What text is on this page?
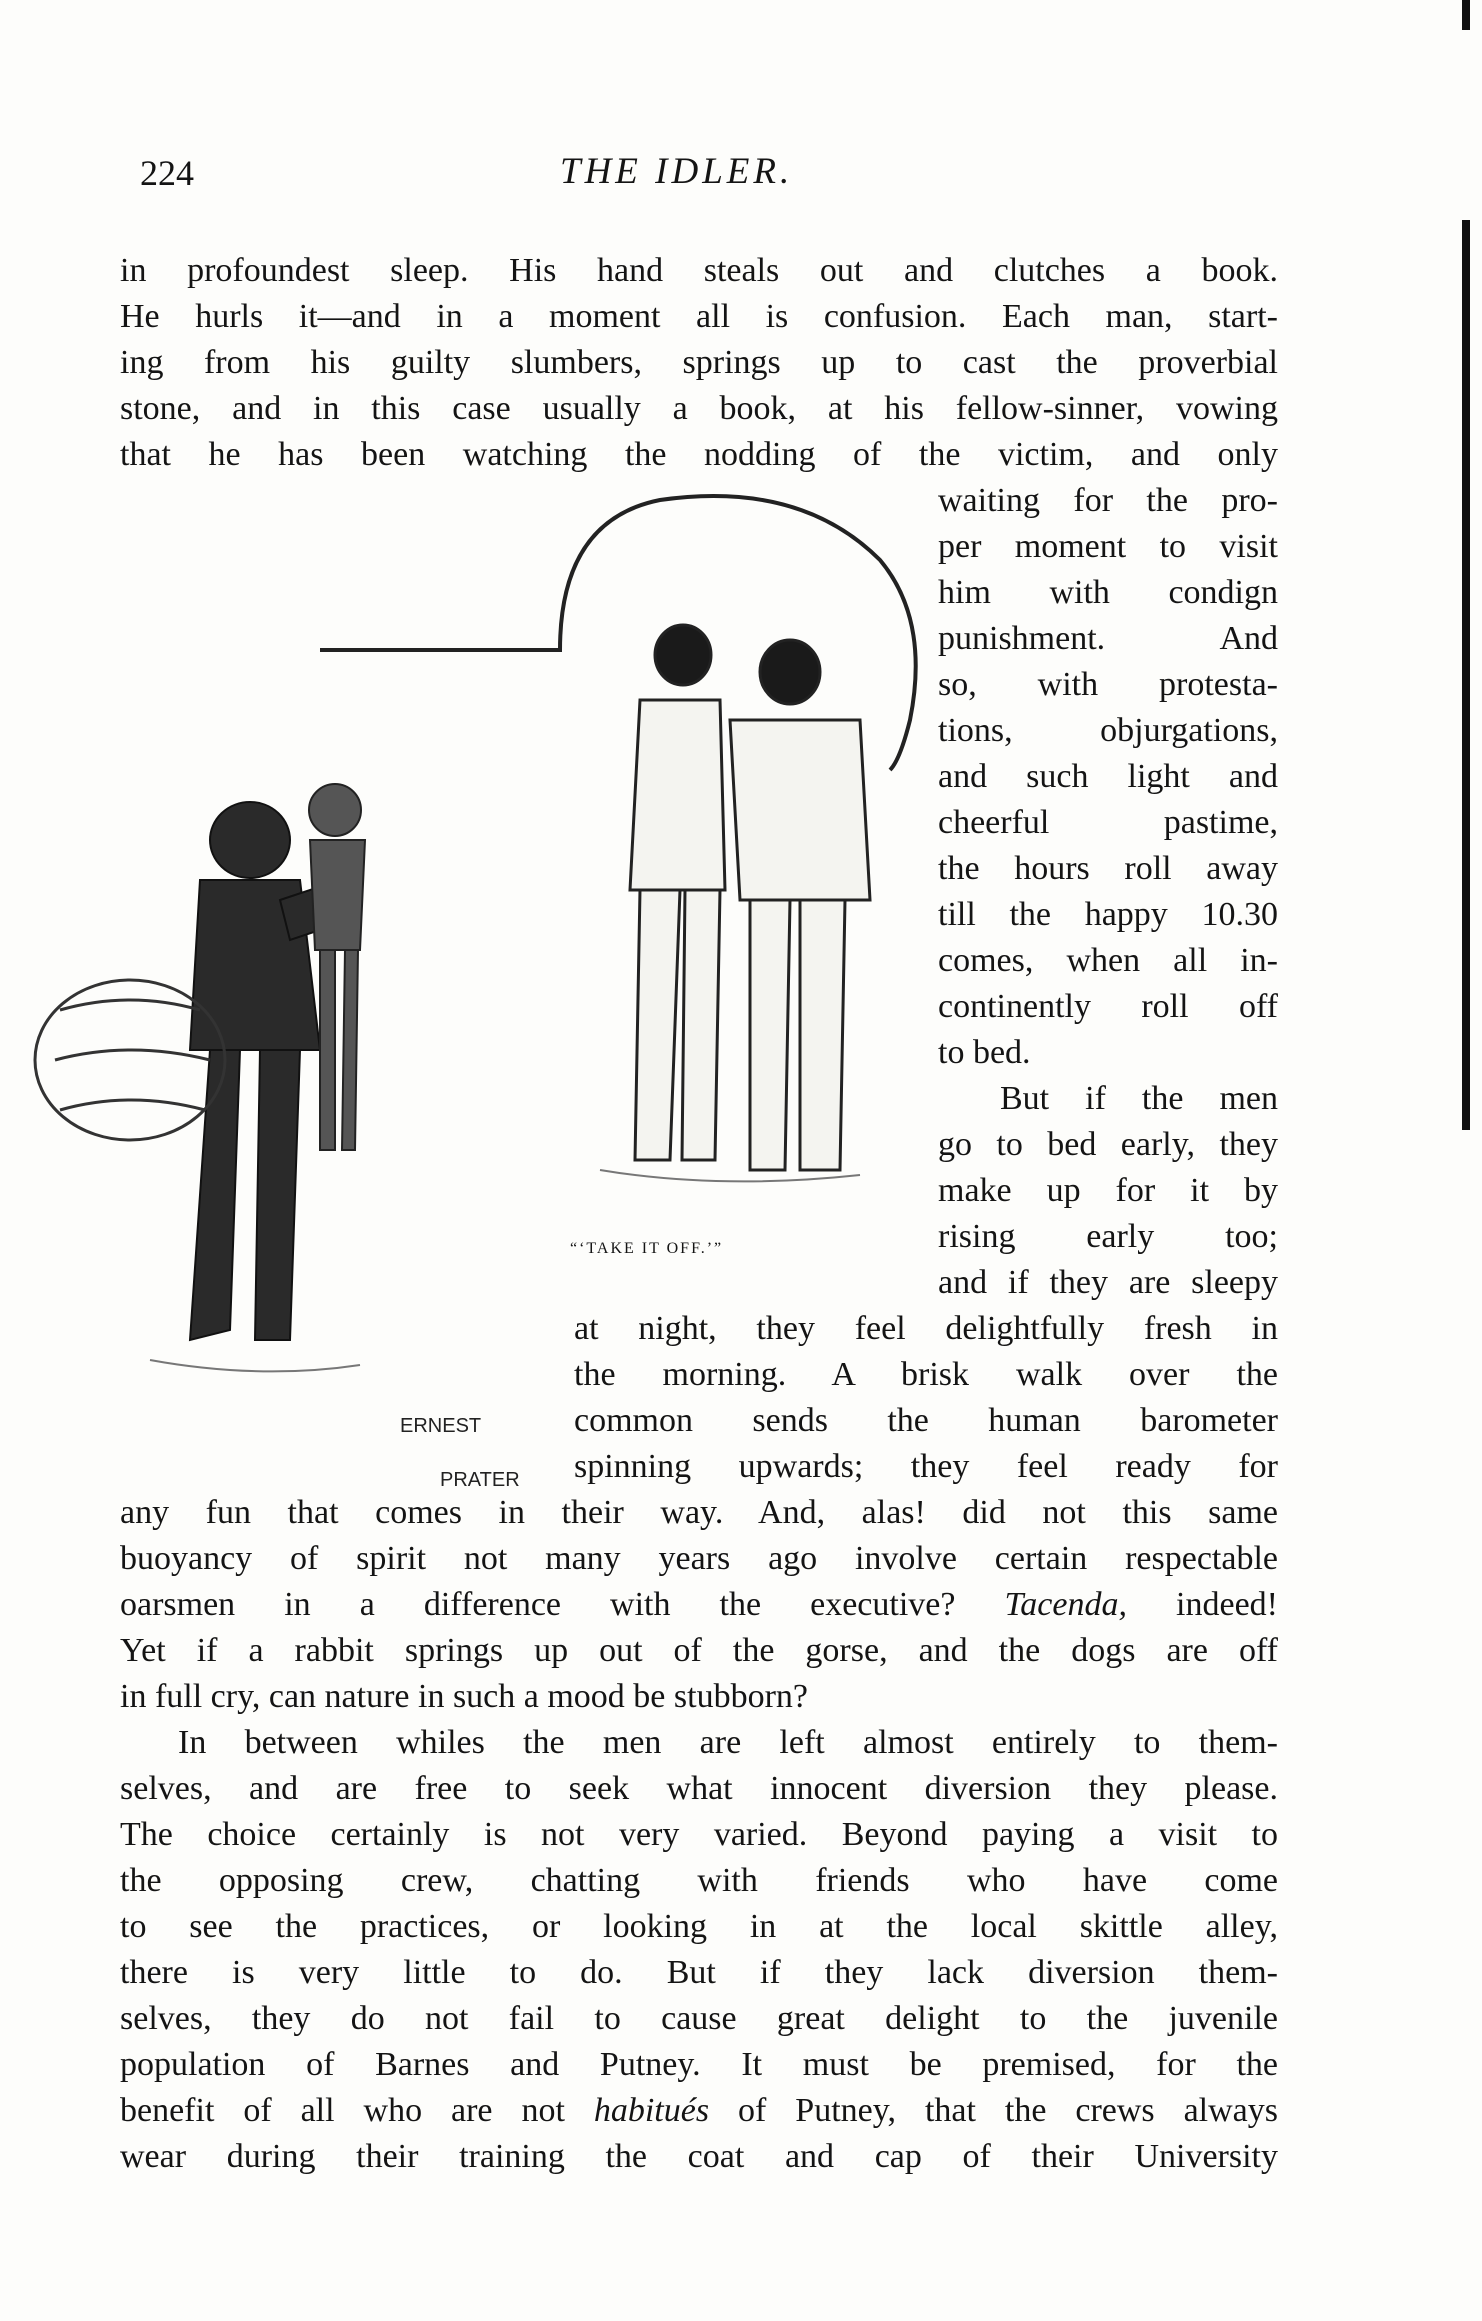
224	THE IDLER.
in profoundest sleep. His hand steals out and clutches a book.
He hurls it—and in a moment all is confusion. Each man, start-
ing from his guilty slumbers, springs up to cast the proverbial
stone, and in this case usually a book, at his fellow-sinner, vowing
that he has been watching the nodding of the victim, and only
waiting for the pro-
per moment to visit
him with condign
punishment. And
so, with protesta-
tions, objurgations,
and such light and
cheerful pastime,
the hours roll away
till the happy 10.30
comes, when all in-
continently roll off
to bed.
But if the men
go to bed early, they
make up for it by
rising early too;
and if they are sleepy
at night, they feel delightfully fresh in
the morning. A brisk walk over the
common sends the human barometer
spinning upwards; they feel ready for
any fun that comes in their way. And, alas! did not this same
buoyancy of spirit not many years ago involve certain respectable
oarsmen in a difference with the executive? Tacenda, indeed!
Yet if a rabbit springs up out of the gorse, and the dogs are off
in full cry, can nature in such a mood be stubborn?
In between whiles the men are left almost entirely to them-
selves, and are free to seek what innocent diversion they please.
The choice certainly is not very varied. Beyond paying a visit to
the opposing crew, chatting with friends who have come
to see the practices, or looking in at the local skittle alley,
there is very little to do. But if they lack diversion them-
selves, they do not fail to cause great delight to the juvenile
population of Barnes and Putney. It must be premised, for the
benefit of all who are not habitués of Putney, that the crews always
wear during their training the coat and cap of their University
ERNEST
PRATER
“‘TAKE IT OFF.’”
